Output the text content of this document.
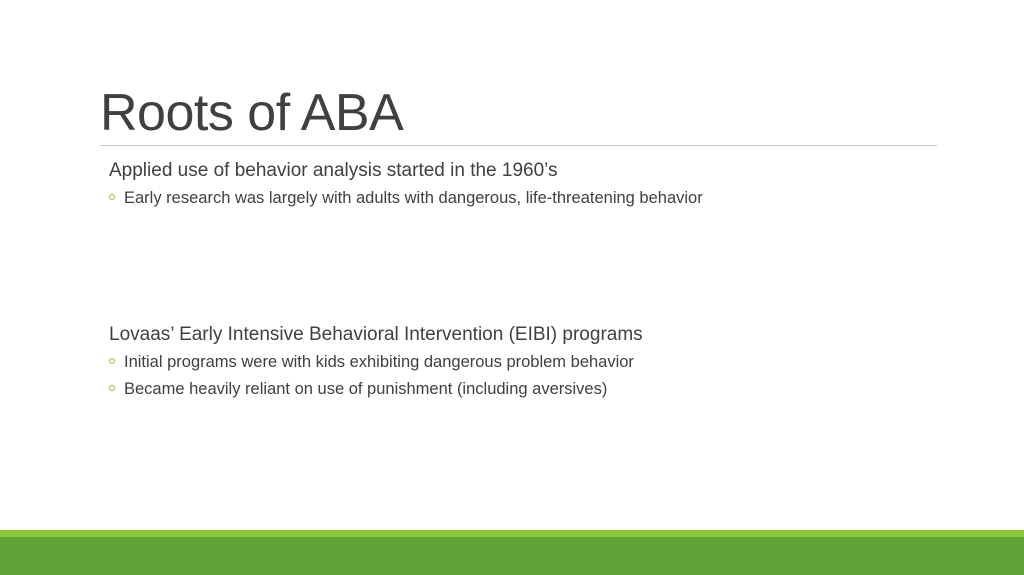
Roots of ABA
Applied use of behavior analysis started in the 1960’s
Early research was largely with adults with dangerous, life-threatening behavior
Lovaas’ Early Intensive Behavioral Intervention (EIBI) programs
Initial programs were with kids exhibiting dangerous problem behavior
Became heavily reliant on use of punishment (including aversives)
